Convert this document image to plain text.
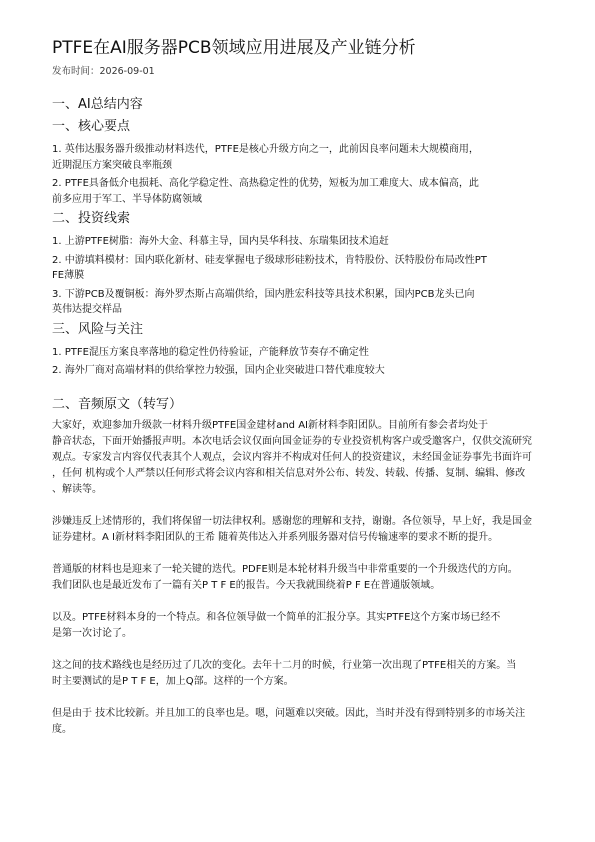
PTFE在AI服务器PCB领域应用进展及产业链分析
发布时间：2026-09-01
一、AI总结内容
一、核心要点
1. 英伟达服务器升级推动材料迭代，PTFE是核心升级方向之一，此前因良率问题未大规模商用，
近期混压方案突破良率瓶颈
2. PTFE具备低介电损耗、高化学稳定性、高热稳定性的优势，短板为加工难度大、成本偏高，此
前多应用于军工、半导体防腐领域
二、投资线索
1. 上游PTFE树脂：海外大金、科慕主导，国内昊华科技、东瑞集团技术追赶
2. 中游填料模材：国内联化新材、硅麦掌握电子级球形硅粉技术，肯特股份、沃特股份布局改性PT
FE薄膜
3. 下游PCB及覆铜板：海外罗杰斯占高端供给，国内胜宏科技等具技术积累，国内PCB龙头已向
英伟达提交样品
三、风险与关注
1. PTFE混压方案良率落地的稳定性仍待验证，产能释放节奏存不确定性
2. 海外厂商对高端材料的供给掌控力较强，国内企业突破进口替代难度较大
二、音频原文（转写）
大家好，欢迎参加升级款一材料升级PTFE国金建材and AI新材料李阳团队。目前所有参会者均处于
静音状态，下面开始播报声明。本次电话会议仅面向国金证券的专业投资机构客户或受邀客户，仅供交流研究
观点。专家发言内容仅代表其个人观点，会议内容并不构成对任何人的投资建议，未经国金证券事先书面许可
，任何 机构或个人严禁以任何形式将会议内容和相关信息对外公布、转发、转载、传播、复制、编辑、修改
、解读等。
涉嫌违反上述情形的，我们将保留一切法律权利。感谢您的理解和支持，谢谢。各位领导，早上好，我是国金
证券建材。A I新材料李阳团队的王希 随着英伟达入并系列服务器对信号传输速率的要求不断的提升。
普通版的材料也是迎来了一轮关键的迭代。PDFE则是本轮材料升级当中非常重要的一个升级迭代的方向。
我们团队也是最近发布了一篇有关P T F E的报告。今天我就围绕着P F E在普通版领域。
以及。PTFE材料本身的一个特点。和各位领导做一个简单的汇报分享。其实PTFE这个方案市场已经不
是第一次讨论了。
这之间的技术路线也是经历过了几次的变化。去年十二月的时候，行业第一次出现了PTFE相关的方案。当
时主要测试的是P T F E，加上Q部。这样的一个方案。
但是由于 技术比较新。并且加工的良率也是。嗯，问题难以突破。因此，当时并没有得到特别多的市场关注
度。
